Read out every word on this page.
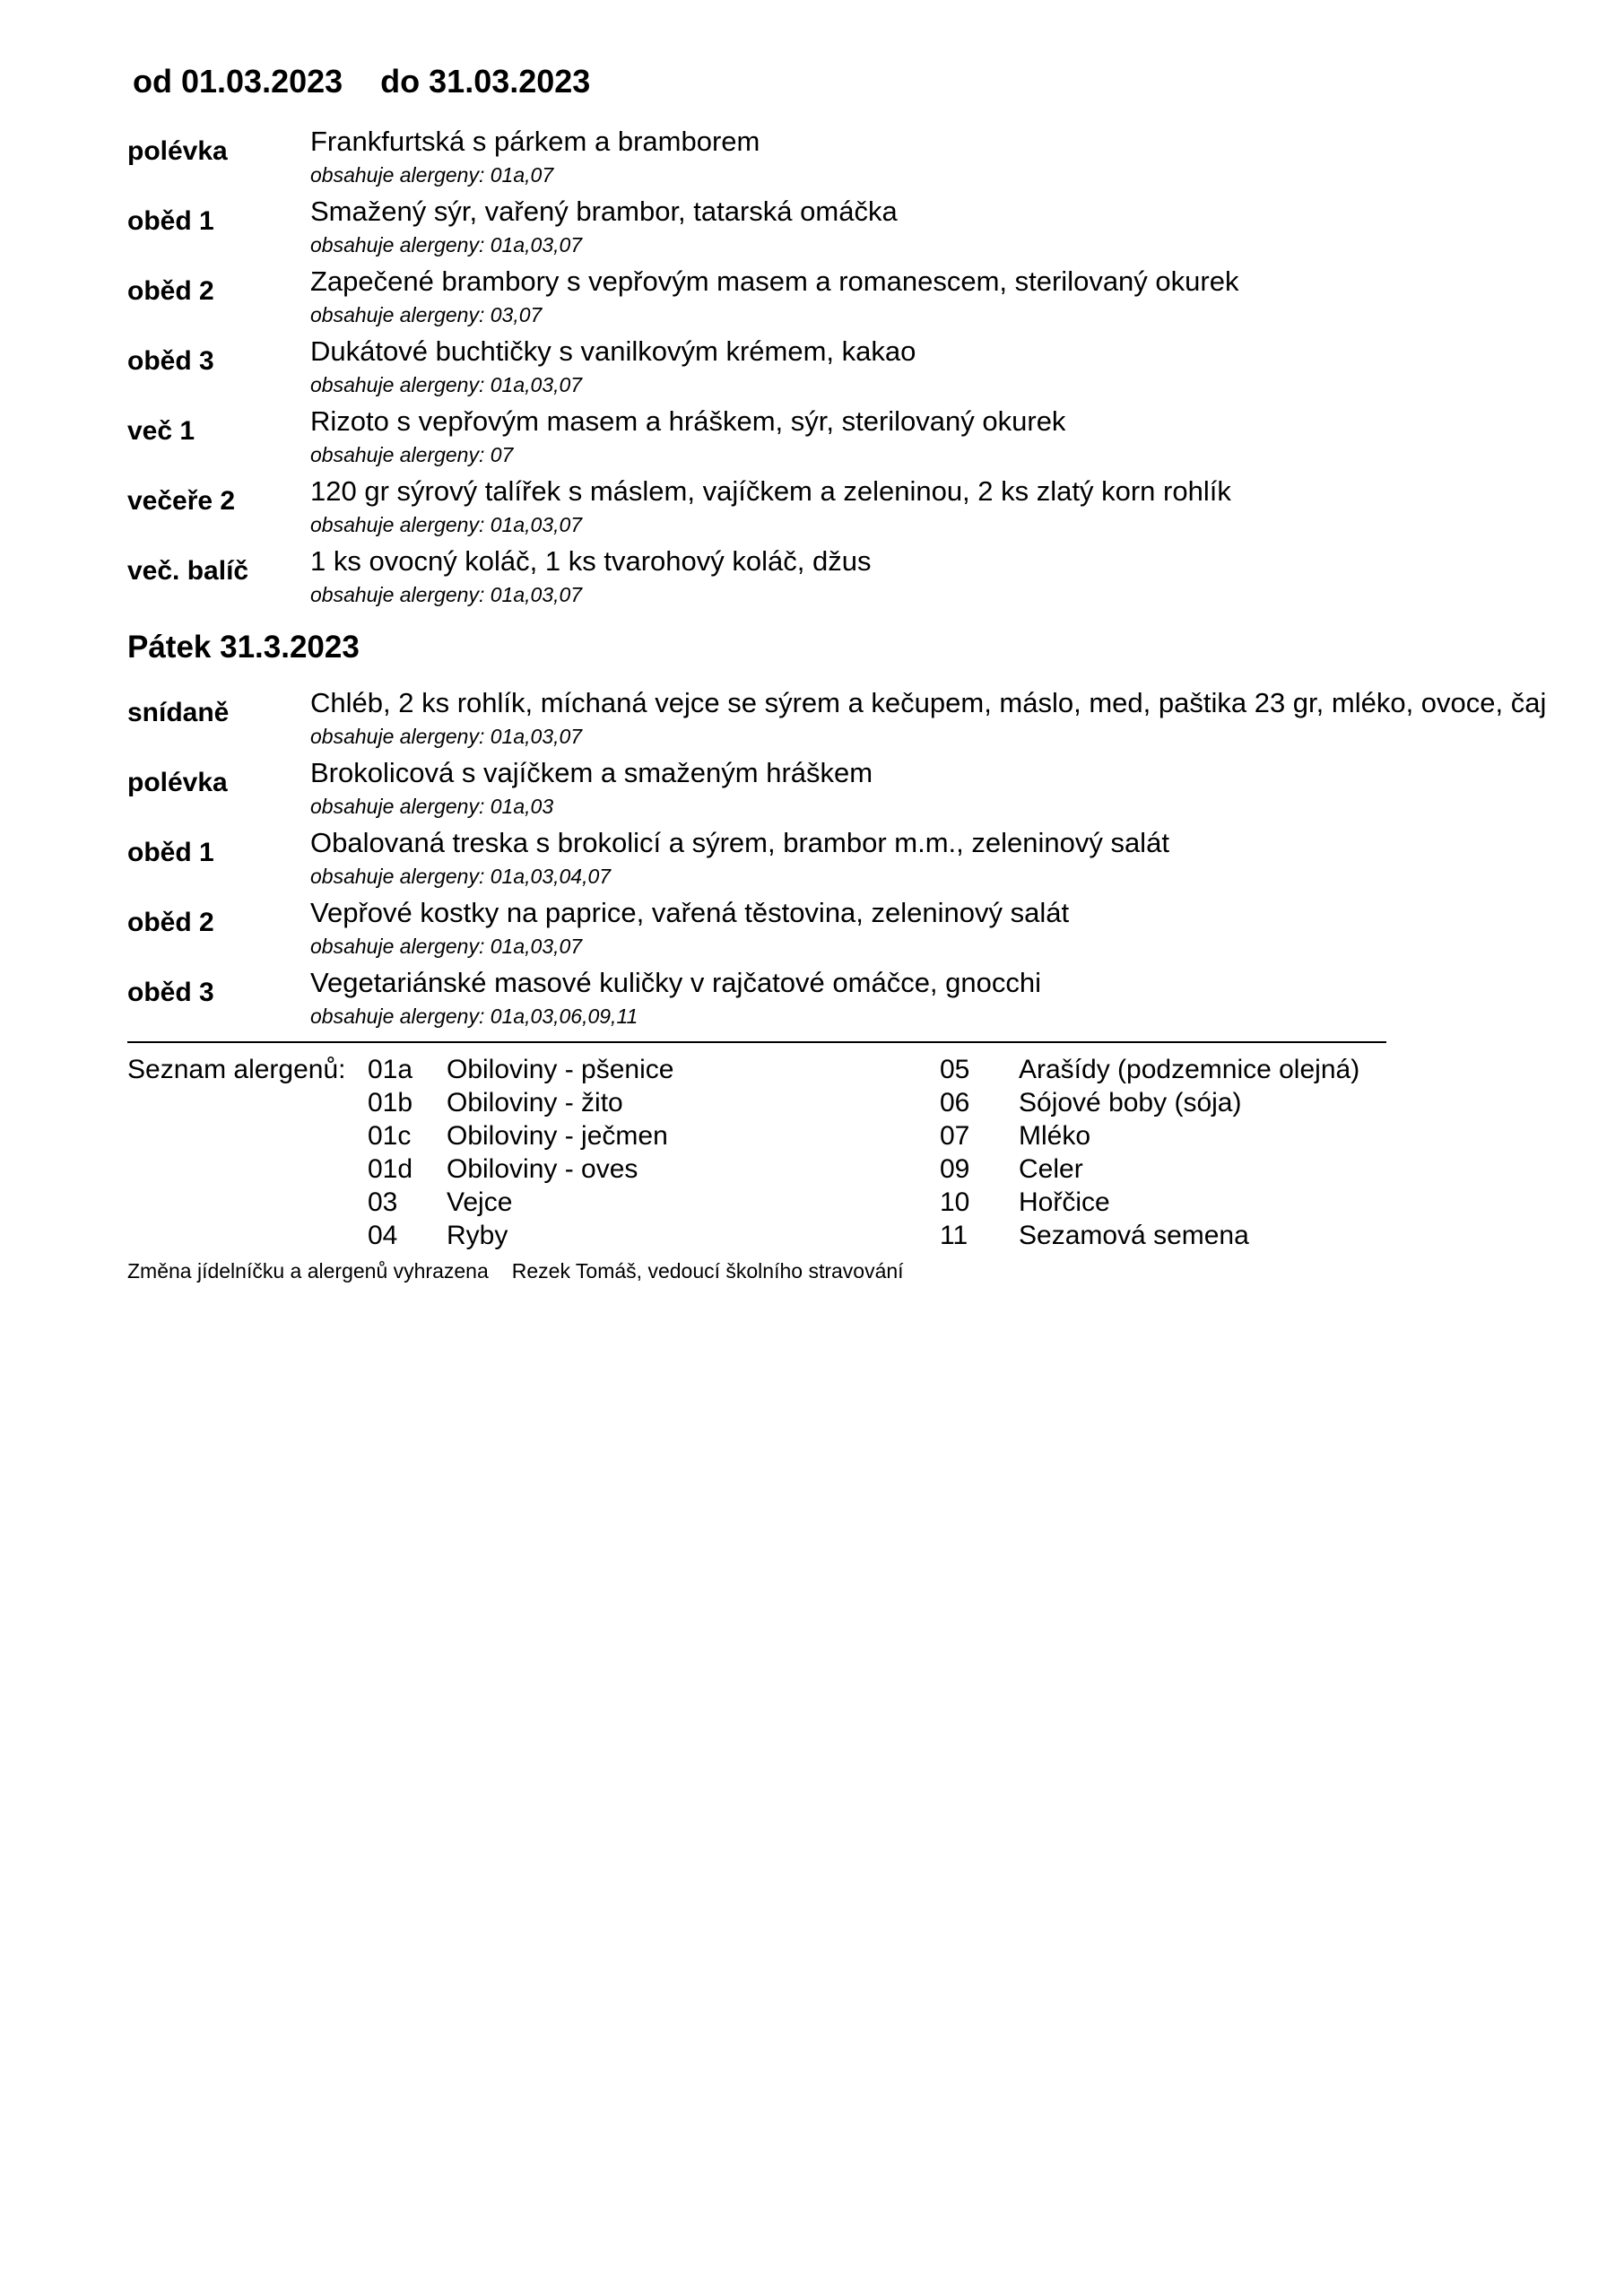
od 01.03.2023 do 31.03.2023
polévka	Frankfurtská s párkem a bramborem
obsahuje alergeny: 01a,07
oběd 1	Smažený sýr, vařený brambor, tatarská omáčka
obsahuje alergeny: 01a,03,07
oběd 2	Zapečené brambory s vepřovým masem a romanescem, sterilovaný okurek
obsahuje alergeny: 03,07
oběd 3	Dukátové buchtičky s vanilkovým krémem, kakao
obsahuje alergeny: 01a,03,07
več 1	Rizoto s vepřovým masem a hráškem, sýr, sterilovaný okurek
obsahuje alergeny: 07
večeře 2	120 gr sýrový talířek s máslem, vajíčkem a zeleninou, 2 ks zlatý korn rohlík
obsahuje alergeny: 01a,03,07
več. balíč 1 ks ovocný koláč, 1 ks tvarohový koláč, džus
obsahuje alergeny: 01a,03,07
Pátek 31.3.2023
snídaně	Chléb, 2 ks rohlík, míchaná vejce se sýrem a kečupem, máslo, med, paštika 23 gr, mléko, ovoce, čaj
obsahuje alergeny: 01a,03,07
polévka	Brokolicová s vajíčkem a smaženým hráškem
obsahuje alergeny: 01a,03
oběd 1	Obalovaná treska s brokolicí a sýrem, brambor m.m., zeleninový salát
obsahuje alergeny: 01a,03,04,07
oběd 2	Vepřové kostky na paprice, vařená těstovina, zeleninový salát
obsahuje alergeny: 01a,03,07
oběd 3	Vegetariánské masové kuličky v rajčatové omáčce, gnocchi
obsahuje alergeny: 01a,03,06,09,11
Seznam alergenů: 01a Obiloviny - pšenice
01b Obiloviny - žito
01c Obiloviny - ječmen
01d Obiloviny - oves
03 Vejce
04 Ryby
05 Arašídy (podzemnice olejná)
06 Sójové boby (sója)
07 Mléko
09 Celer
10 Hořčice
11 Sezamová semena
Změna jídelníčku a alergenů vyhrazena Rezek Tomáš, vedoucí školního stravování
